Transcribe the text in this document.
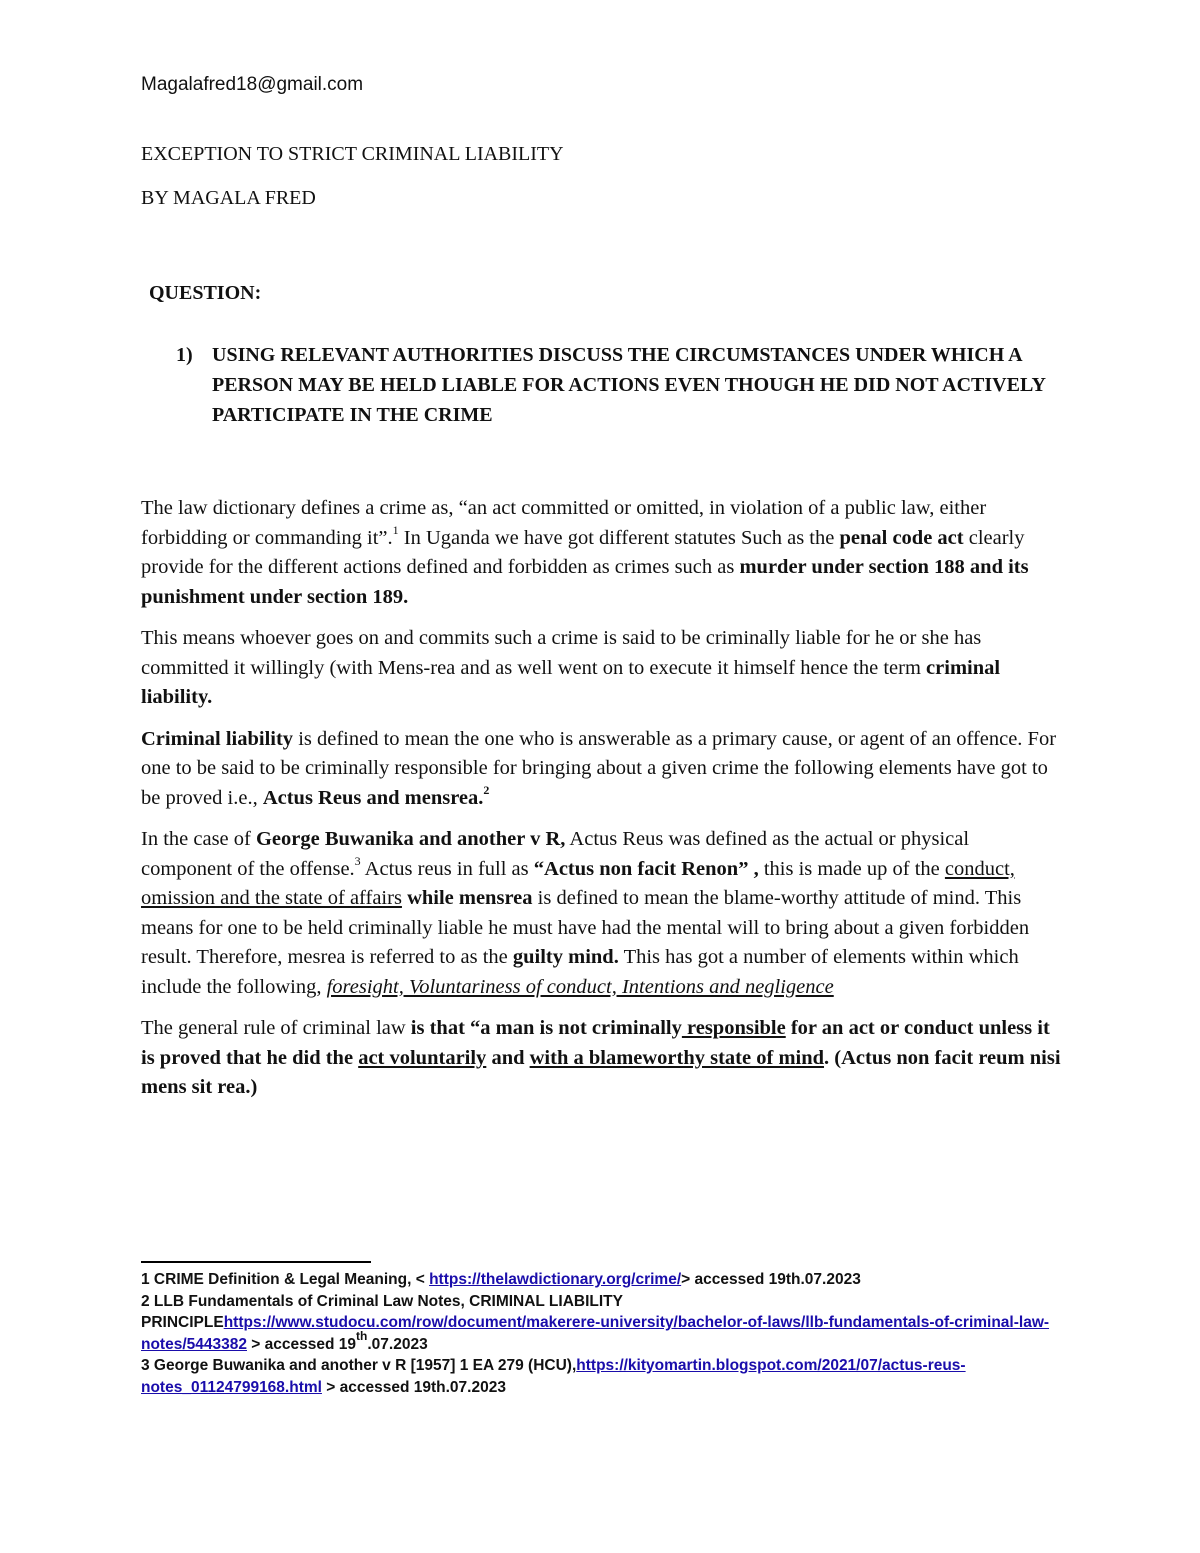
Magalafred18@gmail.com
EXCEPTION TO STRICT CRIMINAL LIABILITY
BY MAGALA FRED
QUESTION:
1) USING RELEVANT AUTHORITIES DISCUSS THE CIRCUMSTANCES UNDER WHICH A PERSON MAY BE HELD LIABLE FOR ACTIONS EVEN THOUGH HE DID NOT ACTIVELY PARTICIPATE IN THE CRIME

The law dictionary defines a crime as, “an act committed or omitted, in violation of a public law, either forbidding or commanding it”.$^1$ In Uganda we have got different statutes Such as the penal code act clearly provide for the different actions defined and forbidden as crimes such as murder under section 188 and its punishment under section 189.

This means whoever goes on and commits such a crime is said to be criminally liable for he or she has committed it willingly (with Mens-rea and as well went on to execute it himself hence the term criminal liability.

Criminal liability is defined to mean the one who is answerable as a primary cause, or agent of an offence. For one to be said to be criminally responsible for bringing about a given crime the following elements have got to be proved i.e., Actus Reus and mensrea.$^2$

In the case of George Buwanika and another v R, Actus Reus was defined as the actual or physical component of the offense.$^3$ Actus reus in full as “Actus non facit Renon” , this is made up of the conduct, omission and the state of affairs while mensrea is defined to mean the blame-worthy attitude of mind. This means for one to be held criminally liable he must have had the mental will to bring about a given forbidden result. Therefore, mesrea is referred to as the guilty mind. This has got a number of elements within which include the following, foresight, Voluntariness of conduct, Intentions and negligence

The general rule of criminal law is that “a man is not criminally responsible for an act or conduct unless it is proved that he did the act voluntarily and with a blameworthy state of mind. (Actus non facit reum nisi mens sit rea.)

1 CRIME Definition & Legal Meaning, < https://thelawdictionary.org/crime/> accessed 19th.07.2023

2 LLB Fundamentals of Criminal Law Notes, CRIMINAL LIABILITY PRINCIPLEhttps://www.studocu.com/row/document/makerere-university/bachelor-of-laws/llb-fundamentals-of-criminal-law-notes/5443382 > accessed 19th.07.2023

3 George Buwanika and another v R [1957] 1 EA 279 (HCU),https://kityomartin.blogspot.com/2021/07/actus-reus-notes_01124799168.html > accessed 19th.07.2023
